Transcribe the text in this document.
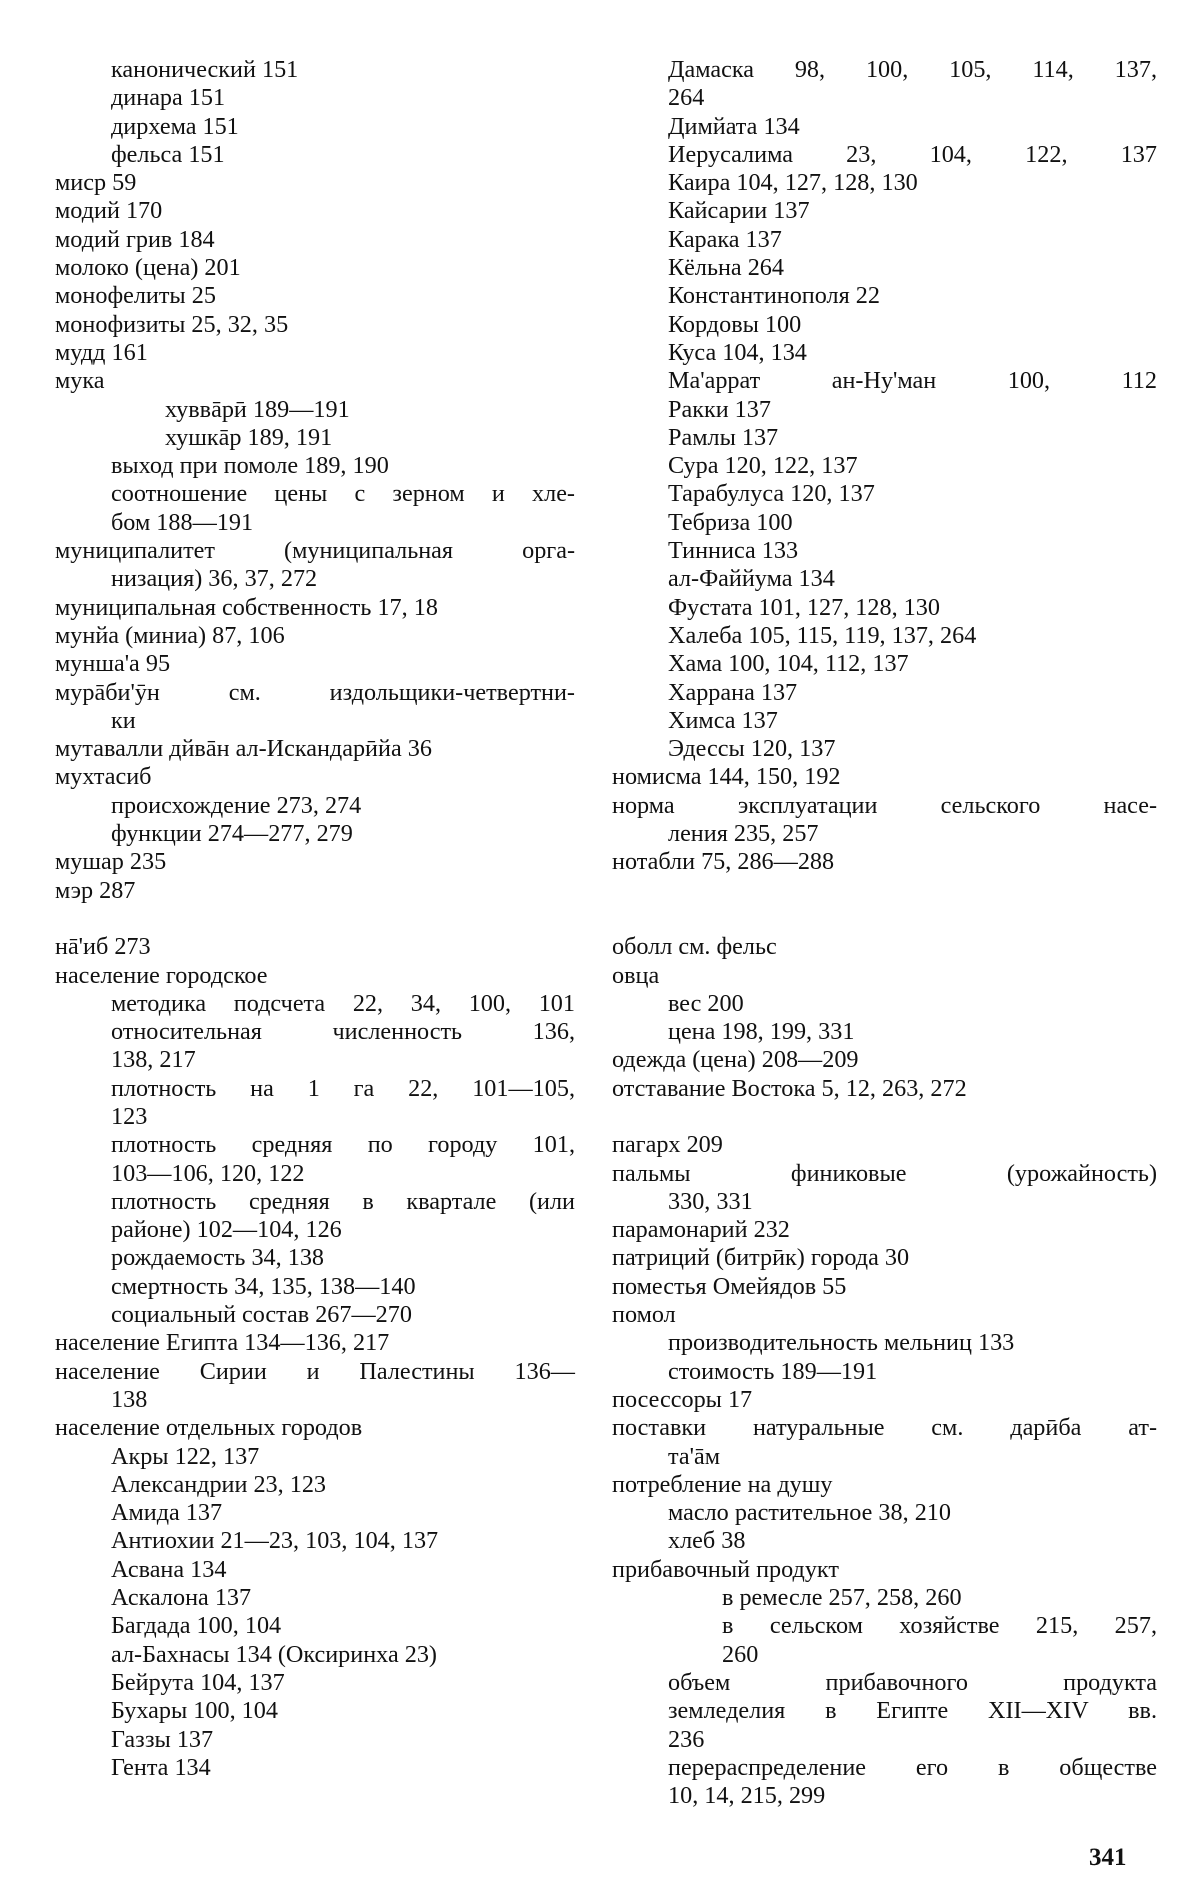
канонический 151
динара 151
дирхема 151
фельса 151
миср 59
модий 170
модий грив 184
молоко (цена) 201
монофелиты 25
монофизиты 25, 32, 35
мудд 161
мука
хуввāрӣ 189—191
хушкāр 189, 191
выход при помоле 189, 190
соотношение цены с зерном и хле-
бом 188—191
муниципалитет (муниципальная орга-
низация) 36, 37, 272
муниципальная собственность 17, 18
мунйа (миниа) 87, 106
мунша'а 95
мурāби'ӯн см. издольщики-четвертни-
ки
мутавалли дйвāн ал-Искандарӣйа 36
мухтасиб
происхождение 273, 274
функции 274—277, 279
мушар 235
мэр 287
нā'иб 273
население городское
методика подсчета 22, 34, 100, 101
относительная численность 136,
138, 217
плотность на 1 га 22, 101—105,
123
плотность средняя по городу 101,
103—106, 120, 122
плотность средняя в квартале (или
районе) 102—104, 126
рождаемость 34, 138
смертность 34, 135, 138—140
социальный состав 267—270
население Египта 134—136, 217
население Сирии и Палестины 136—
138
население отдельных городов
Акры 122, 137
Александрии 23, 123
Амида 137
Антиохии 21—23, 103, 104, 137
Асвана 134
Аскалона 137
Багдада 100, 104
ал-Бахнасы 134 (Оксиринха 23)
Бейрута 104, 137
Бухары 100, 104
Газзы 137
Гента 134
Дамаска 98, 100, 105, 114, 137,
264
Димйата 134
Иерусалима 23, 104, 122, 137
Каира 104, 127, 128, 130
Кайсарии 137
Карака 137
Кёльна 264
Константинополя 22
Кордовы 100
Куса 104, 134
Ма'аррат ан-Ну'ман 100, 112
Ракки 137
Рамлы 137
Сура 120, 122, 137
Тарабулуса 120, 137
Тебриза 100
Тинниса 133
ал-Файйума 134
Фустата 101, 127, 128, 130
Халеба 105, 115, 119, 137, 264
Хама 100, 104, 112, 137
Харрана 137
Химса 137
Эдессы 120, 137
номисма 144, 150, 192
норма эксплуатации сельского насе-
ления 235, 257
нотабли 75, 286—288
оболл см. фельс
овца
вес 200
цена 198, 199, 331
одежда (цена) 208—209
отставание Востока 5, 12, 263, 272
пагарх 209
пальмы финиковые (урожайность)
330, 331
парамонарий 232
патриций (битрӣк) города 30
поместья Омейядов 55
помол
производительность мельниц 133
стоимость 189—191
посессоры 17
поставки натуральные см. дарӣба ат-
та'āм
потребление на душу
масло растительное 38, 210
хлеб 38
прибавочный продукт
в ремесле 257, 258, 260
в сельском хозяйстве 215, 257,
260
объем прибавочного продукта
земледелия в Египте XII—XIV вв.
236
перераспределение его в обществе
10, 14, 215, 299
341
